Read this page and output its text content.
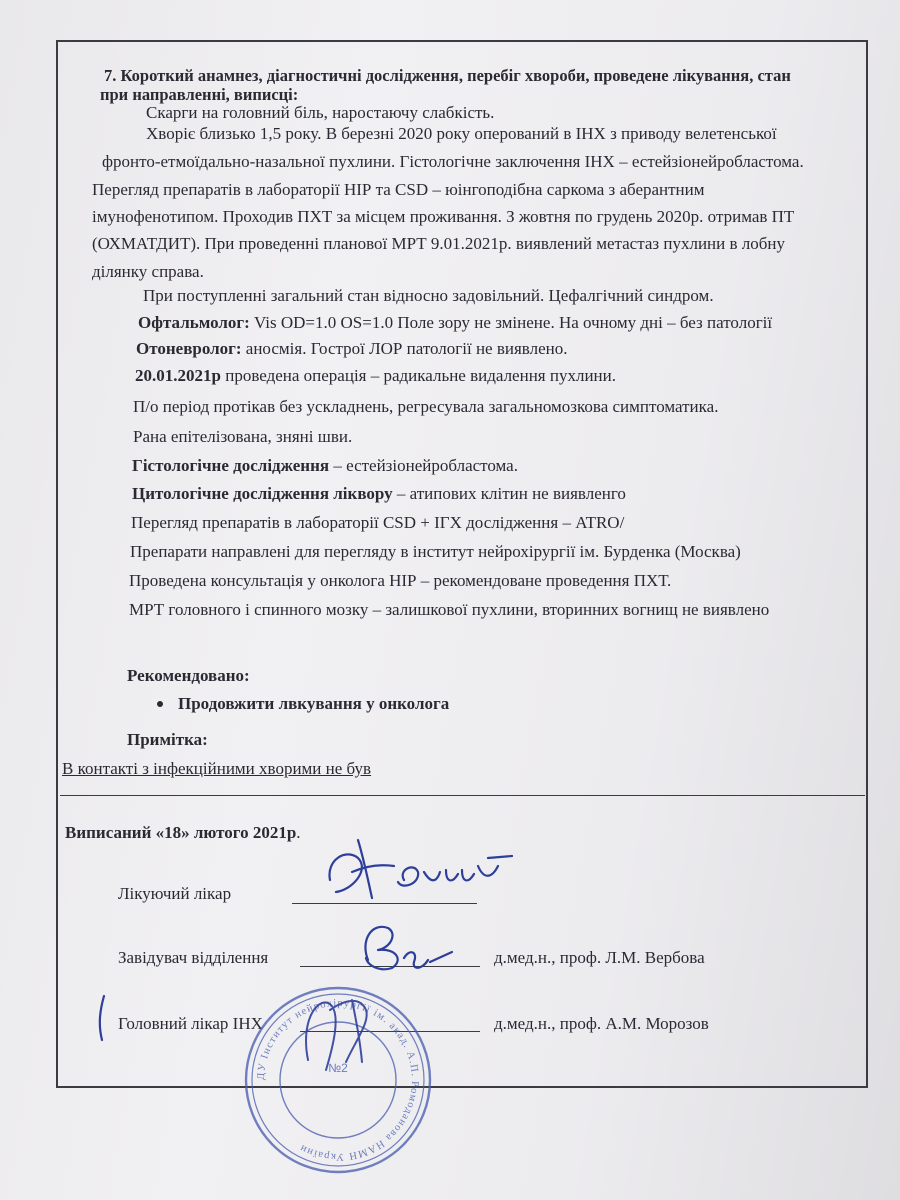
7. Короткий анамнез, діагностичні дослідження, перебіг хвороби, проведене лікування, стан
при направленні, виписці:
Скарги на головний біль, наростаючу слабкість.
Хворіє близько 1,5 року. В березні 2020 року оперований в ІНХ з приводу велетенської
фронто-етмоїдально-назальної пухлини. Гістологічне заключення ІНХ – естейзіонейробластома.
Перегляд препаратів в лабораторії НІР та CSD – юінгоподібна саркома з аберантним
імунофенотипом. Проходив ПХТ за місцем проживання. З жовтня по грудень 2020р. отримав ПТ
(ОХМАТДИТ). При проведенні планової МРТ 9.01.2021р. виявлений метастаз пухлини в лобну
ділянку справа.
При поступленні загальний стан відносно задовільний. Цефалгічний синдром.
Офтальмолог: Vis OD=1.0 OS=1.0 Поле зору не змінене. На очному дні – без патології
Отоневролог: аносмія. Гострої ЛОР патології не виявлено.
20.01.2021р проведена операція – радикальне видалення пухлини.
П/о період протікав без ускладнень, регресувала загальномозкова симптоматика.
Рана епітелізована, зняні шви.
Гістологічне дослідження – естейзіонейробластома.
Цитологічне дослідження ліквору – атипових клітин не виявленго
Перегляд препаратів в лабораторії CSD + ІГХ дослідження – ATRO/
Препарати направлені для перегляду в інститут нейрохірургії ім. Бурденка (Москва)
Проведена консультація у онколога НІР – рекомендоване проведення ПХТ.
МРТ головного і спинного мозку – залишкової пухлини, вторинних вогнищ не виявлено
Рекомендовано:
Продовжити лвкування у онколога
Примітка:
В контакті з інфекційними хворими не був
Виписаний «18» лютого 2021р.
Лікуючий лікар
Завідувач відділення	д.мед.н., проф. Л.М. Вербова
Головний лікар ІНХ	д.мед.н., проф. А.М. Морозов
ДУ Інститут нейрохірургії ім. акад. А.П. Ромоданова НАМН України
№2
